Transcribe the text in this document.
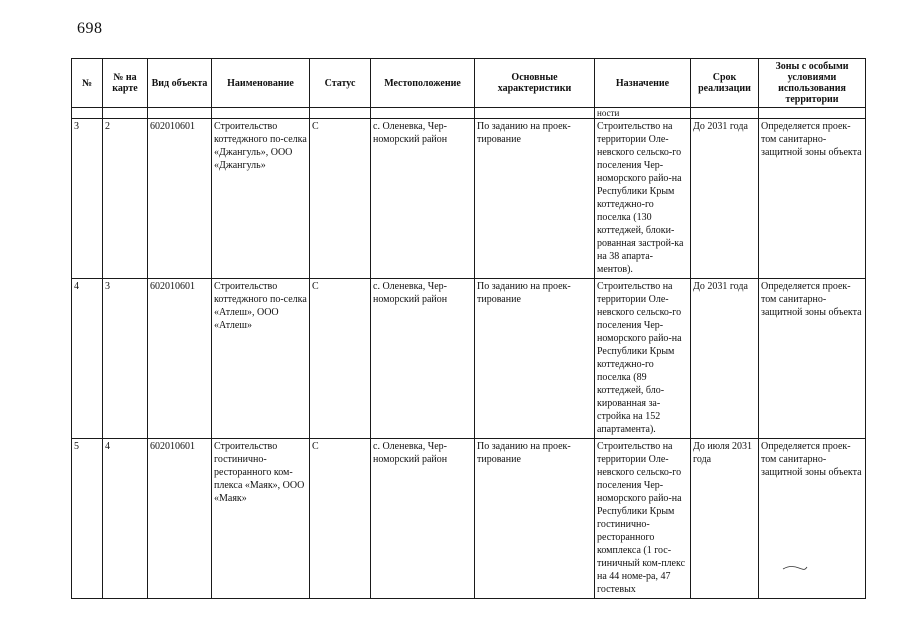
698
№	№ на карте	Вид объекта	Наименование	Статус	Местоположение	Основные характеристики	Назначение	Срок реализации	Зоны с особыми условиями использования территории
							ности		
3	2	602010601	Строительство коттеджного по-селка «Джангуль», ООО «Джангуль»	С	с. Оленевка, Чер-номорский район	По заданию на проек-тирование	Строительство на территории Оле-невского сельско-го поселения Чер-номорского райо-на Республики Крым коттеджно-го поселка (130 коттеджей, блоки-рованная застрой-ка на 38 апарта-ментов).	До 2031 года	Определяется проек-том санитарно-защитной зоны объекта
4	3	602010601	Строительство коттеджного по-селка «Атлеш», ООО «Атлеш»	С	с. Оленевка, Чер-номорский район	По заданию на проек-тирование	Строительство на территории Оле-невского сельско-го поселения Чер-номорского райо-на Республики Крым коттеджно-го поселка (89 коттеджей, бло-кированная за-стройка на 152 апартамента).	До 2031 года	Определяется проек-том санитарно-защитной зоны объекта
5	4	602010601	Строительство гостинично-ресторанного ком-плекса «Маяк», ООО «Маяк»	С	с. Оленевка, Чер-номорский район	По заданию на проек-тирование	Строительство на территории Оле-невского сельско-го поселения Чер-номорского райо-на Республики Крым гостинично-ресторанного комплекса (1 гос-тиничный ком-плекс на 44 номе-ра, 47 гостевых	До июля 2031 года	Определяется проек-том санитарно-защитной зоны объекта
